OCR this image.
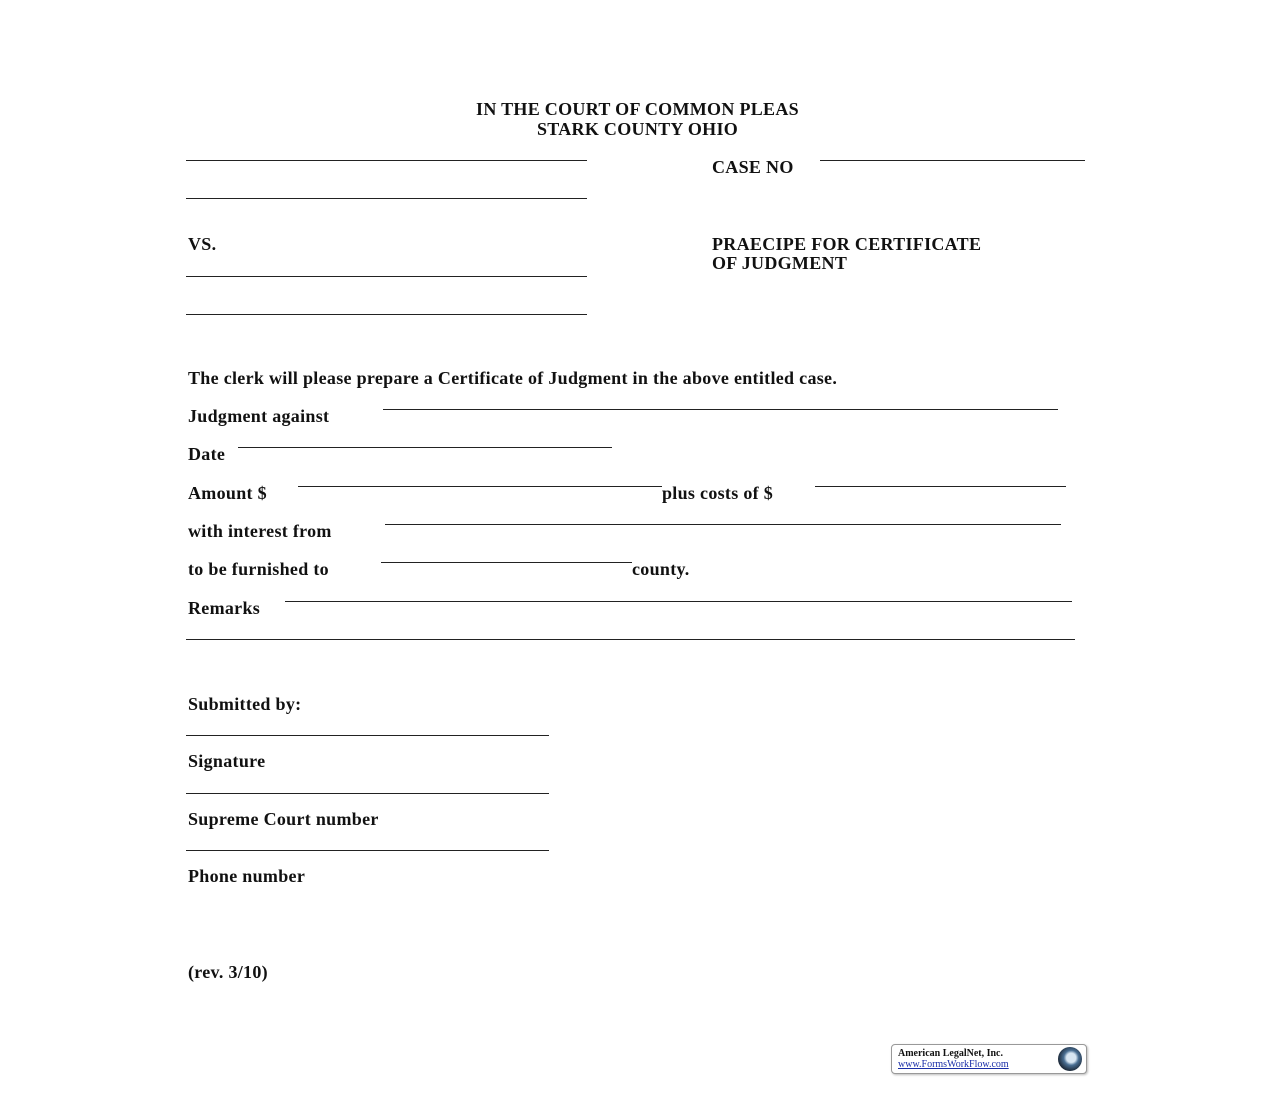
IN THE COURT OF COMMON PLEAS
STARK COUNTY OHIO
CASE NO
VS.	PRAECIPE FOR CERTIFICATE
OF JUDGMENT
The clerk will please prepare a Certificate of Judgment in the above entitled case.
Judgment against
Date
Amount $	plus costs of $
with interest from
to be furnished to	county.
Remarks
Submitted by:
Signature
Supreme Court number
Phone number
(rev. 3/10)
American LegalNet, Inc.
www.FormsWorkFlow.com
